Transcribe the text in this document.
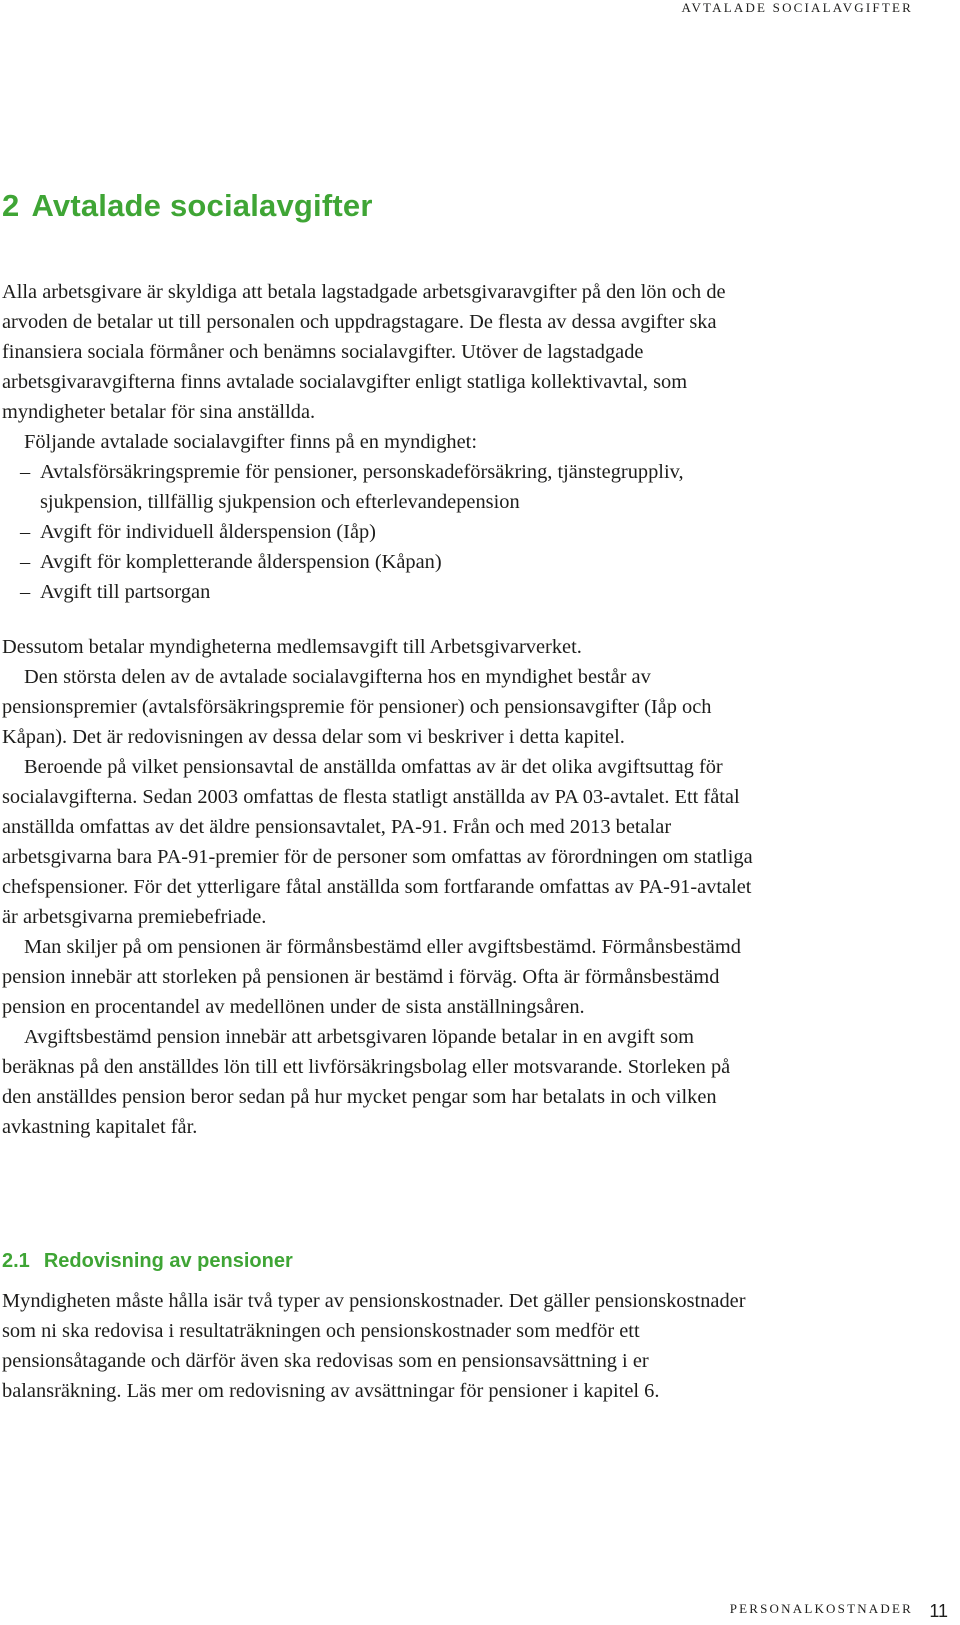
AVTALADE SOCIALAVGIFTER
2 Avtalade socialavgifter

Alla arbetsgivare är skyldiga att betala lagstadgade arbetsgivaravgifter på den lön och de arvoden de betalar ut till personalen och uppdragstagare. De flesta av dessa avgifter ska finansiera sociala förmåner och benämns socialavgifter. Utöver de lagstadgade arbetsgivaravgifterna finns avtalade socialavgifter enligt statliga kollektivavtal, som myndigheter betalar för sina anställda.

Följande avtalade socialavgifter finns på en myndighet:

– Avtalsförsäkringspremie för pensioner, personskadeförsäkring, tjänstegruppliv, sjukpension, tillfällig sjukpension och efterlevandepension
– Avgift för individuell ålderspension (Iåp)
– Avgift för kompletterande ålderspension (Kåpan)
– Avgift till partsorgan

Dessutom betalar myndigheterna medlemsavgift till Arbetsgivarverket.

Den största delen av de avtalade socialavgifterna hos en myndighet består av pensionspremier (avtalsförsäkringspremie för pensioner) och pensionsavgifter (Iåp och Kåpan). Det är redovisningen av dessa delar som vi beskriver i detta kapitel.

Beroende på vilket pensionsavtal de anställda omfattas av är det olika avgiftsuttag för socialavgifterna. Sedan 2003 omfattas de flesta statligt anställda av PA 03-avtalet. Ett fåtal anställda omfattas av det äldre pensionsavtalet, PA-91. Från och med 2013 betalar arbetsgivarna bara PA-91-premier för de personer som omfattas av förordningen om statliga chefspensioner. För det ytterligare fåtal anställda som fortfarande omfattas av PA-91-avtalet är arbetsgivarna premiebefriade.

Man skiljer på om pensionen är förmånsbestämd eller avgiftsbestämd. Förmånsbestämd pension innebär att storleken på pensionen är bestämd i förväg. Ofta är förmånsbestämd pension en procentandel av medellönen under de sista anställningsåren.

Avgiftsbestämd pension innebär att arbetsgivaren löpande betalar in en avgift som beräknas på den anställdes lön till ett livförsäkringsbolag eller motsvarande. Storleken på den anställdes pension beror sedan på hur mycket pengar som har betalats in och vilken avkastning kapitalet får.

2.1 Redovisning av pensioner

Myndigheten måste hålla isär två typer av pensionskostnader. Det gäller pensionskostnader som ni ska redovisa i resultaträkningen och pensionskostnader som medför ett pensionsåtagande och därför även ska redovisas som en pensionsavsättning i er balansräkning. Läs mer om redovisning av avsättningar för pensioner i kapitel 6.

PERSONALKOSTNADER 11
